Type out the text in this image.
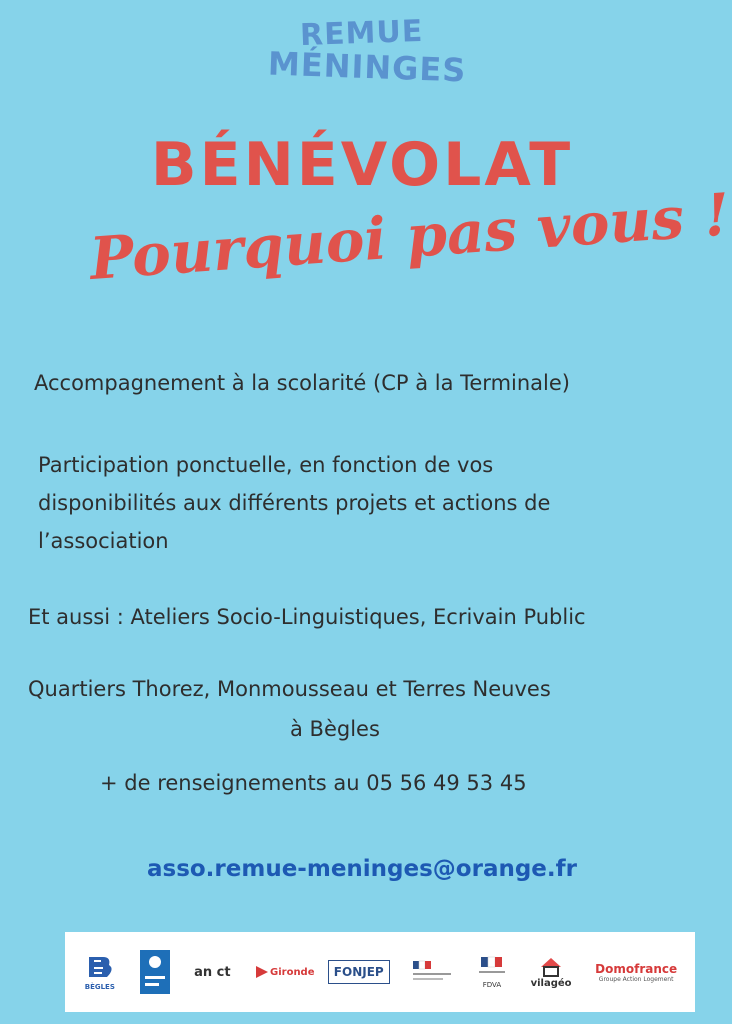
REMUE
MÉNINGES
BÉNÉVOLAT
Pourquoi pas vous !

Accompagnement à la scolarité (CP à la Terminale)

Participation ponctuelle, en fonction de vos

disponibilités aux différents projets et actions de

l’association

Et aussi : Ateliers Socio-Linguistiques, Ecrivain Public

Quartiers Thorez, Monmousseau et Terres Neuves

à Bègles

+ de renseignements au 05 56 49 53 45

asso.remue-meninges@orange.fr
BÈGLES
an ct	Gironde	FONJEP
FDVA	vilagéo
Domofrance
Groupe Action Logement
